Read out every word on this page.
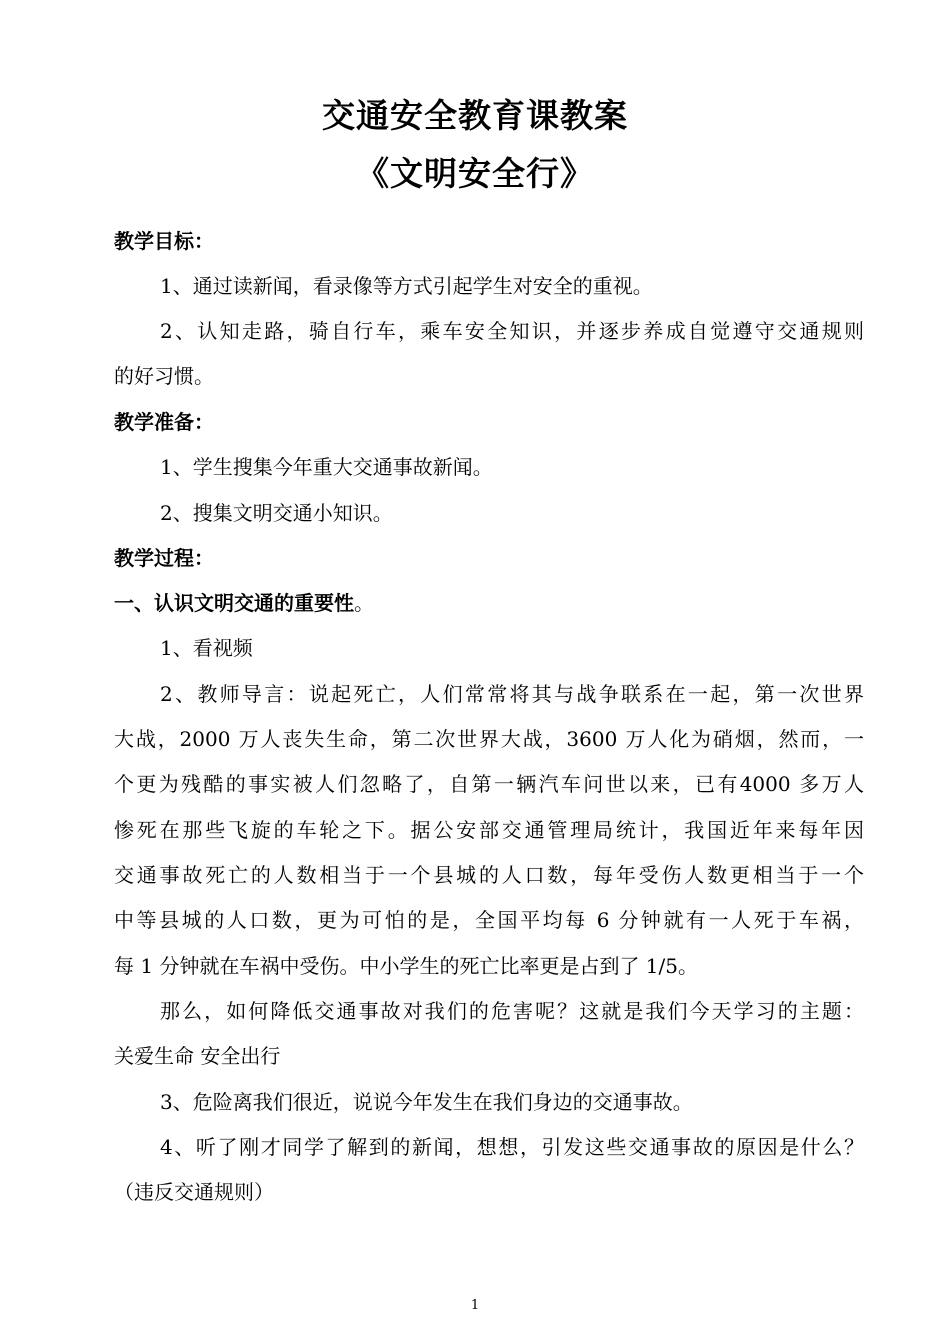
交通安全教育课教案
《文明安全行》
教学目标：
1、通过读新闻，看录像等方式引起学生对安全的重视。
2、认知走路，骑自行车，乘车安全知识，并逐步养成自觉遵守交通规则
的好习惯。
教学准备：
1、学生搜集今年重大交通事故新闻。
2、搜集文明交通小知识。
教学过程：
一、认识文明交通的重要性。
1、看视频
2、教师导言：说起死亡，人们常常将其与战争联系在一起，第一次世界
大战，2000 万人丧失生命，第二次世界大战，3600 万人化为硝烟，然而，一
个更为残酷的事实被人们忽略了，自第一辆汽车问世以来，已有4000 多万人
惨死在那些飞旋的车轮之下。据公安部交通管理局统计，我国近年来每年因
交通事故死亡的人数相当于一个县城的人口数，每年受伤人数更相当于一个
中等县城的人口数，更为可怕的是，全国平均每 6 分钟就有一人死于车祸，
每 1 分钟就在车祸中受伤。中小学生的死亡比率更是占到了 1/5。
那么，如何降低交通事故对我们的危害呢？这就是我们今天学习的主题：
关爱生命 安全出行
3、危险离我们很近，说说今年发生在我们身边的交通事故。
4、听了刚才同学了解到的新闻，想想，引发这些交通事故的原因是什么？
（违反交通规则）
1
